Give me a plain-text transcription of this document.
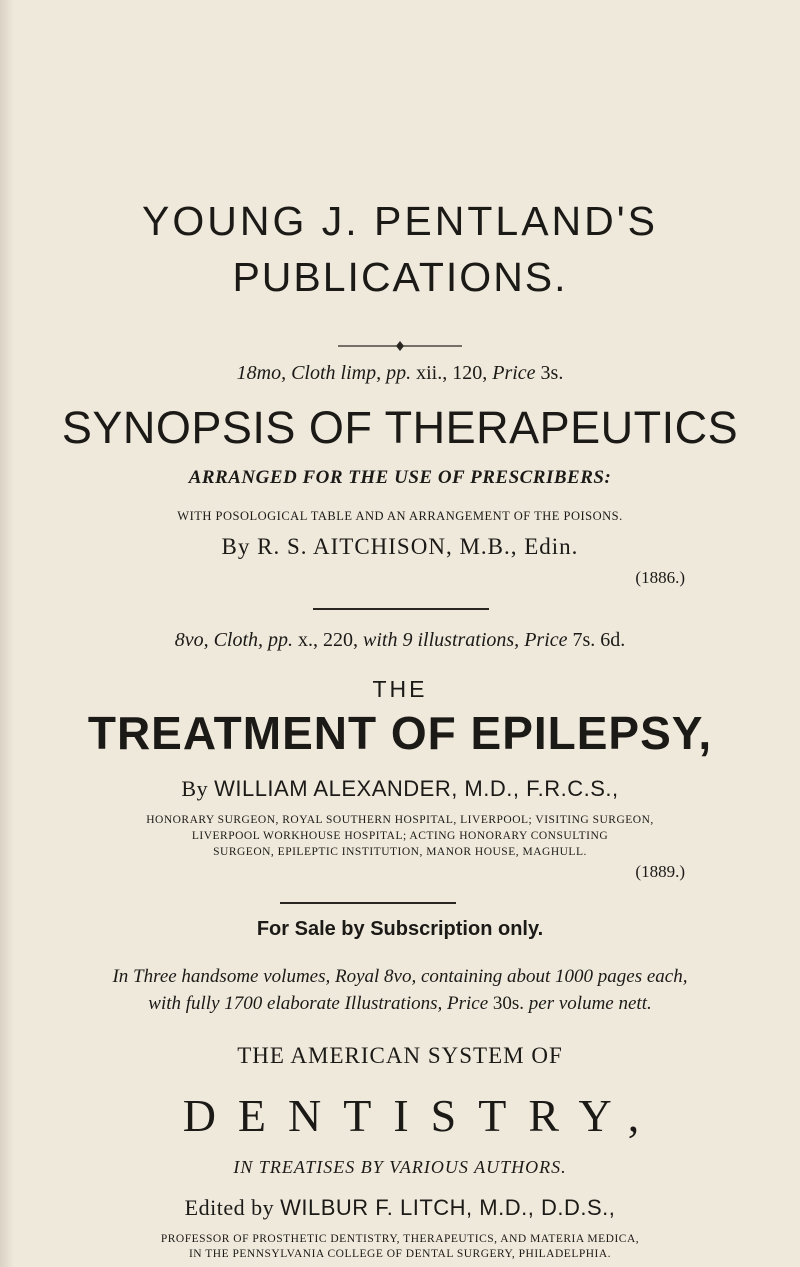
YOUNG J. PENTLAND'S
PUBLICATIONS.
18mo, Cloth limp, pp. xii., 120, Price 3s.
SYNOPSIS OF THERAPEUTICS
ARRANGED FOR THE USE OF PRESCRIBERS:
WITH POSOLOGICAL TABLE AND AN ARRANGEMENT OF THE POISONS.
By R. S. AITCHISON, M.B., Edin.
(1886.)
8vo, Cloth, pp. x., 220, with 9 illustrations, Price 7s. 6d.
THE
TREATMENT OF EPILEPSY,
By WILLIAM ALEXANDER, M.D., F.R.C.S.,
HONORARY SURGEON, ROYAL SOUTHERN HOSPITAL, LIVERPOOL; VISITING SURGEON,
LIVERPOOL WORKHOUSE HOSPITAL; ACTING HONORARY CONSULTING
SURGEON, EPILEPTIC INSTITUTION, MANOR HOUSE, MAGHULL.
(1889.)
For Sale by Subscription only.
In Three handsome volumes, Royal 8vo, containing about 1000 pages each,
with fully 1700 elaborate Illustrations, Price 30s. per volume nett.
THE AMERICAN SYSTEM OF
DENTISTRY,
IN TREATISES BY VARIOUS AUTHORS.
Edited by WILBUR F. LITCH, M.D., D.D.S.,
PROFESSOR OF PROSTHETIC DENTISTRY, THERAPEUTICS, AND MATERIA MEDICA,
IN THE PENNSYLVANIA COLLEGE OF DENTAL SURGERY, PHILADELPHIA.
